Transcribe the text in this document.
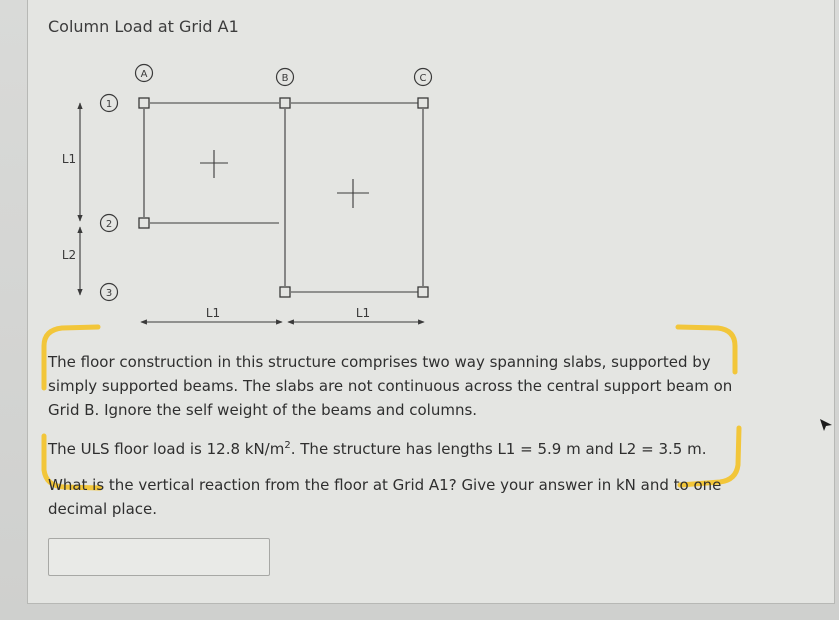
Column Load at Grid A1
A	B	C
1
2
3
L1
L2
L1	L1

The floor construction in this structure comprises two way spanning slabs, supported by simply supported beams. The slabs are not continuous across the central support beam on Grid B. Ignore the self weight of the beams and columns.

The ULS floor load is 12.8 $kN/m^2$. The structure has lengths L1 = 5.9 m and L2 = 3.5 m.

What is the vertical reaction from the floor at Grid A1? Give your answer in kN and to one decimal place.
